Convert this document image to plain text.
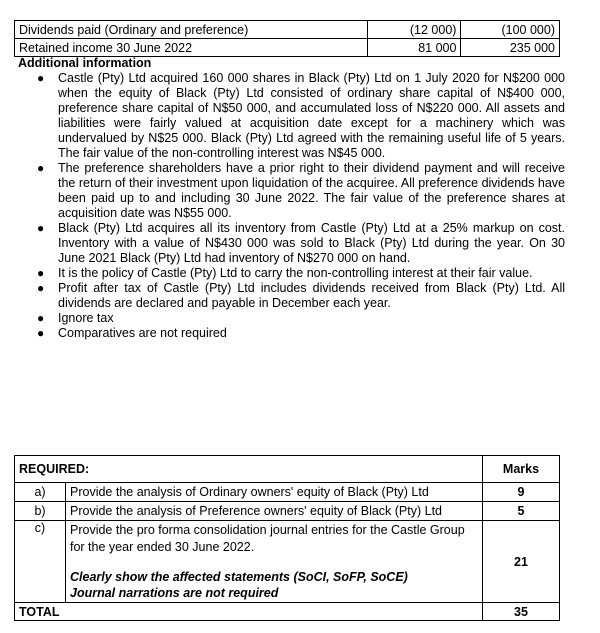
Dividends paid (Ordinary and preference)	(12 000)	(100 000)
Retained income 30 June 2022	81 000	235 000
Additional information
● Castle (Pty) Ltd acquired 160 000 shares in Black (Pty) Ltd on 1 July 2020 for N$200 000 when the equity of Black (Pty) Ltd consisted of ordinary share capital of N$400 000, preference share capital of N$50 000, and accumulated loss of N$220 000. All assets and liabilities were fairly valued at acquisition date except for a machinery which was undervalued by N$25 000. Black (Pty) Ltd agreed with the remaining useful life of 5 years. The fair value of the non-controlling interest was N$45 000.
● The preference shareholders have a prior right to their dividend payment and will receive the return of their investment upon liquidation of the acquiree. All preference dividends have been paid up to and including 30 June 2022. The fair value of the preference shares at acquisition date was N$55 000.
● Black (Pty) Ltd acquires all its inventory from Castle (Pty) Ltd at a 25% markup on cost. Inventory with a value of N$430 000 was sold to Black (Pty) Ltd during the year. On 30 June 2021 Black (Pty) Ltd had inventory of N$270 000 on hand.
● It is the policy of Castle (Pty) Ltd to carry the non-controlling interest at their fair value.
● Profit after tax of Castle (Pty) Ltd includes dividends received from Black (Pty) Ltd. All dividends are declared and payable in December each year.
● Ignore tax
● Comparatives are not required
REQUIRED:		Marks
a)	Provide the analysis of Ordinary owners' equity of Black (Pty) Ltd	9
b)	Provide the analysis of Preference owners' equity of Black (Pty) Ltd	5
c)	Provide the pro forma consolidation journal entries for the Castle Group for the year ended 30 June 2022.
Clearly show the affected statements (SoCI, SoFP, SoCE)
Journal narrations are not required	21
TOTAL		35
